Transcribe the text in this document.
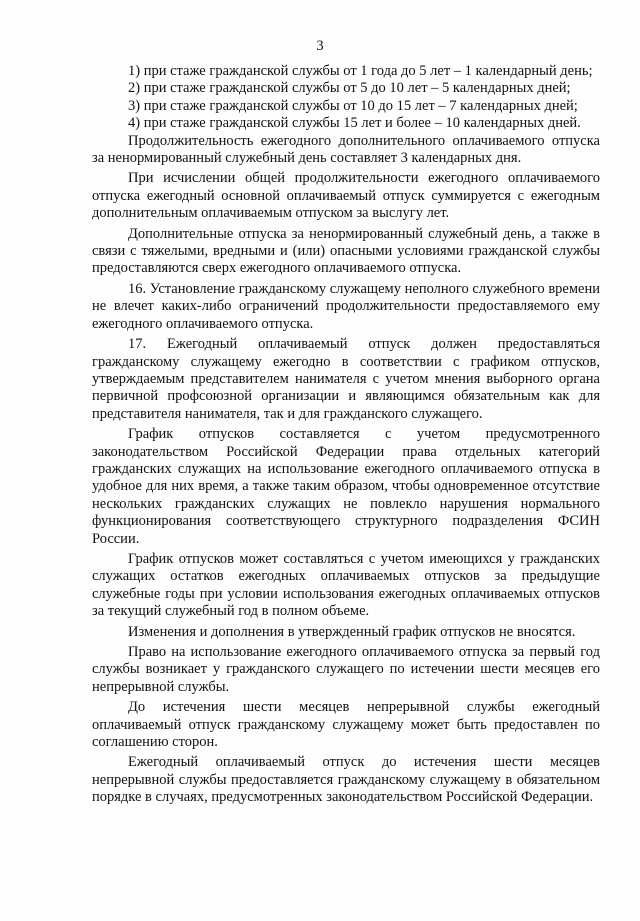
3

1) при стаже гражданской службы от 1 года до 5 лет – 1 календарный день;

2) при стаже гражданской службы от 5 до 10 лет – 5 календарных дней;

3) при стаже гражданской службы от 10 до 15 лет – 7 календарных дней;

4) при стаже гражданской службы 15 лет и более – 10 календарных дней.

Продолжительность ежегодного дополнительного оплачиваемого отпуска за ненормированный служебный день составляет 3 календарных дня.

При исчислении общей продолжительности ежегодного оплачиваемого отпуска ежегодный основной оплачиваемый отпуск суммируется с ежегодным дополнительным оплачиваемым отпуском за выслугу лет.

Дополнительные отпуска за ненормированный служебный день, а также в связи с тяжелыми, вредными и (или) опасными условиями гражданской службы предоставляются сверх ежегодного оплачиваемого отпуска.

16. Установление гражданскому служащему неполного служебного времени не влечет каких-либо ограничений продолжительности предоставляемого ему ежегодного оплачиваемого отпуска.

17. Ежегодный оплачиваемый отпуск должен предоставляться гражданскому служащему ежегодно в соответствии с графиком отпусков, утверждаемым представителем нанимателя с учетом мнения выборного органа первичной профсоюзной организации и являющимся обязательным как для представителя нанимателя, так и для гражданского служащего.

График отпусков составляется с учетом предусмотренного законодательством Российской Федерации права отдельных категорий гражданских служащих на использование ежегодного оплачиваемого отпуска в удобное для них время, а также таким образом, чтобы одновременное отсутствие нескольких гражданских служащих не повлекло нарушения нормального функционирования соответствующего структурного подразделения ФСИН России.

График отпусков может составляться с учетом имеющихся у гражданских служащих остатков ежегодных оплачиваемых отпусков за предыдущие служебные годы при условии использования ежегодных оплачиваемых отпусков за текущий служебный год в полном объеме.

Изменения и дополнения в утвержденный график отпусков не вносятся.

Право на использование ежегодного оплачиваемого отпуска за первый год службы возникает у гражданского служащего по истечении шести месяцев его непрерывной службы.

До истечения шести месяцев непрерывной службы ежегодный оплачиваемый отпуск гражданскому служащему может быть предоставлен по соглашению сторон.

Ежегодный оплачиваемый отпуск до истечения шести месяцев непрерывной службы предоставляется гражданскому служащему в обязательном порядке в случаях, предусмотренных законодательством Российской Федерации.
